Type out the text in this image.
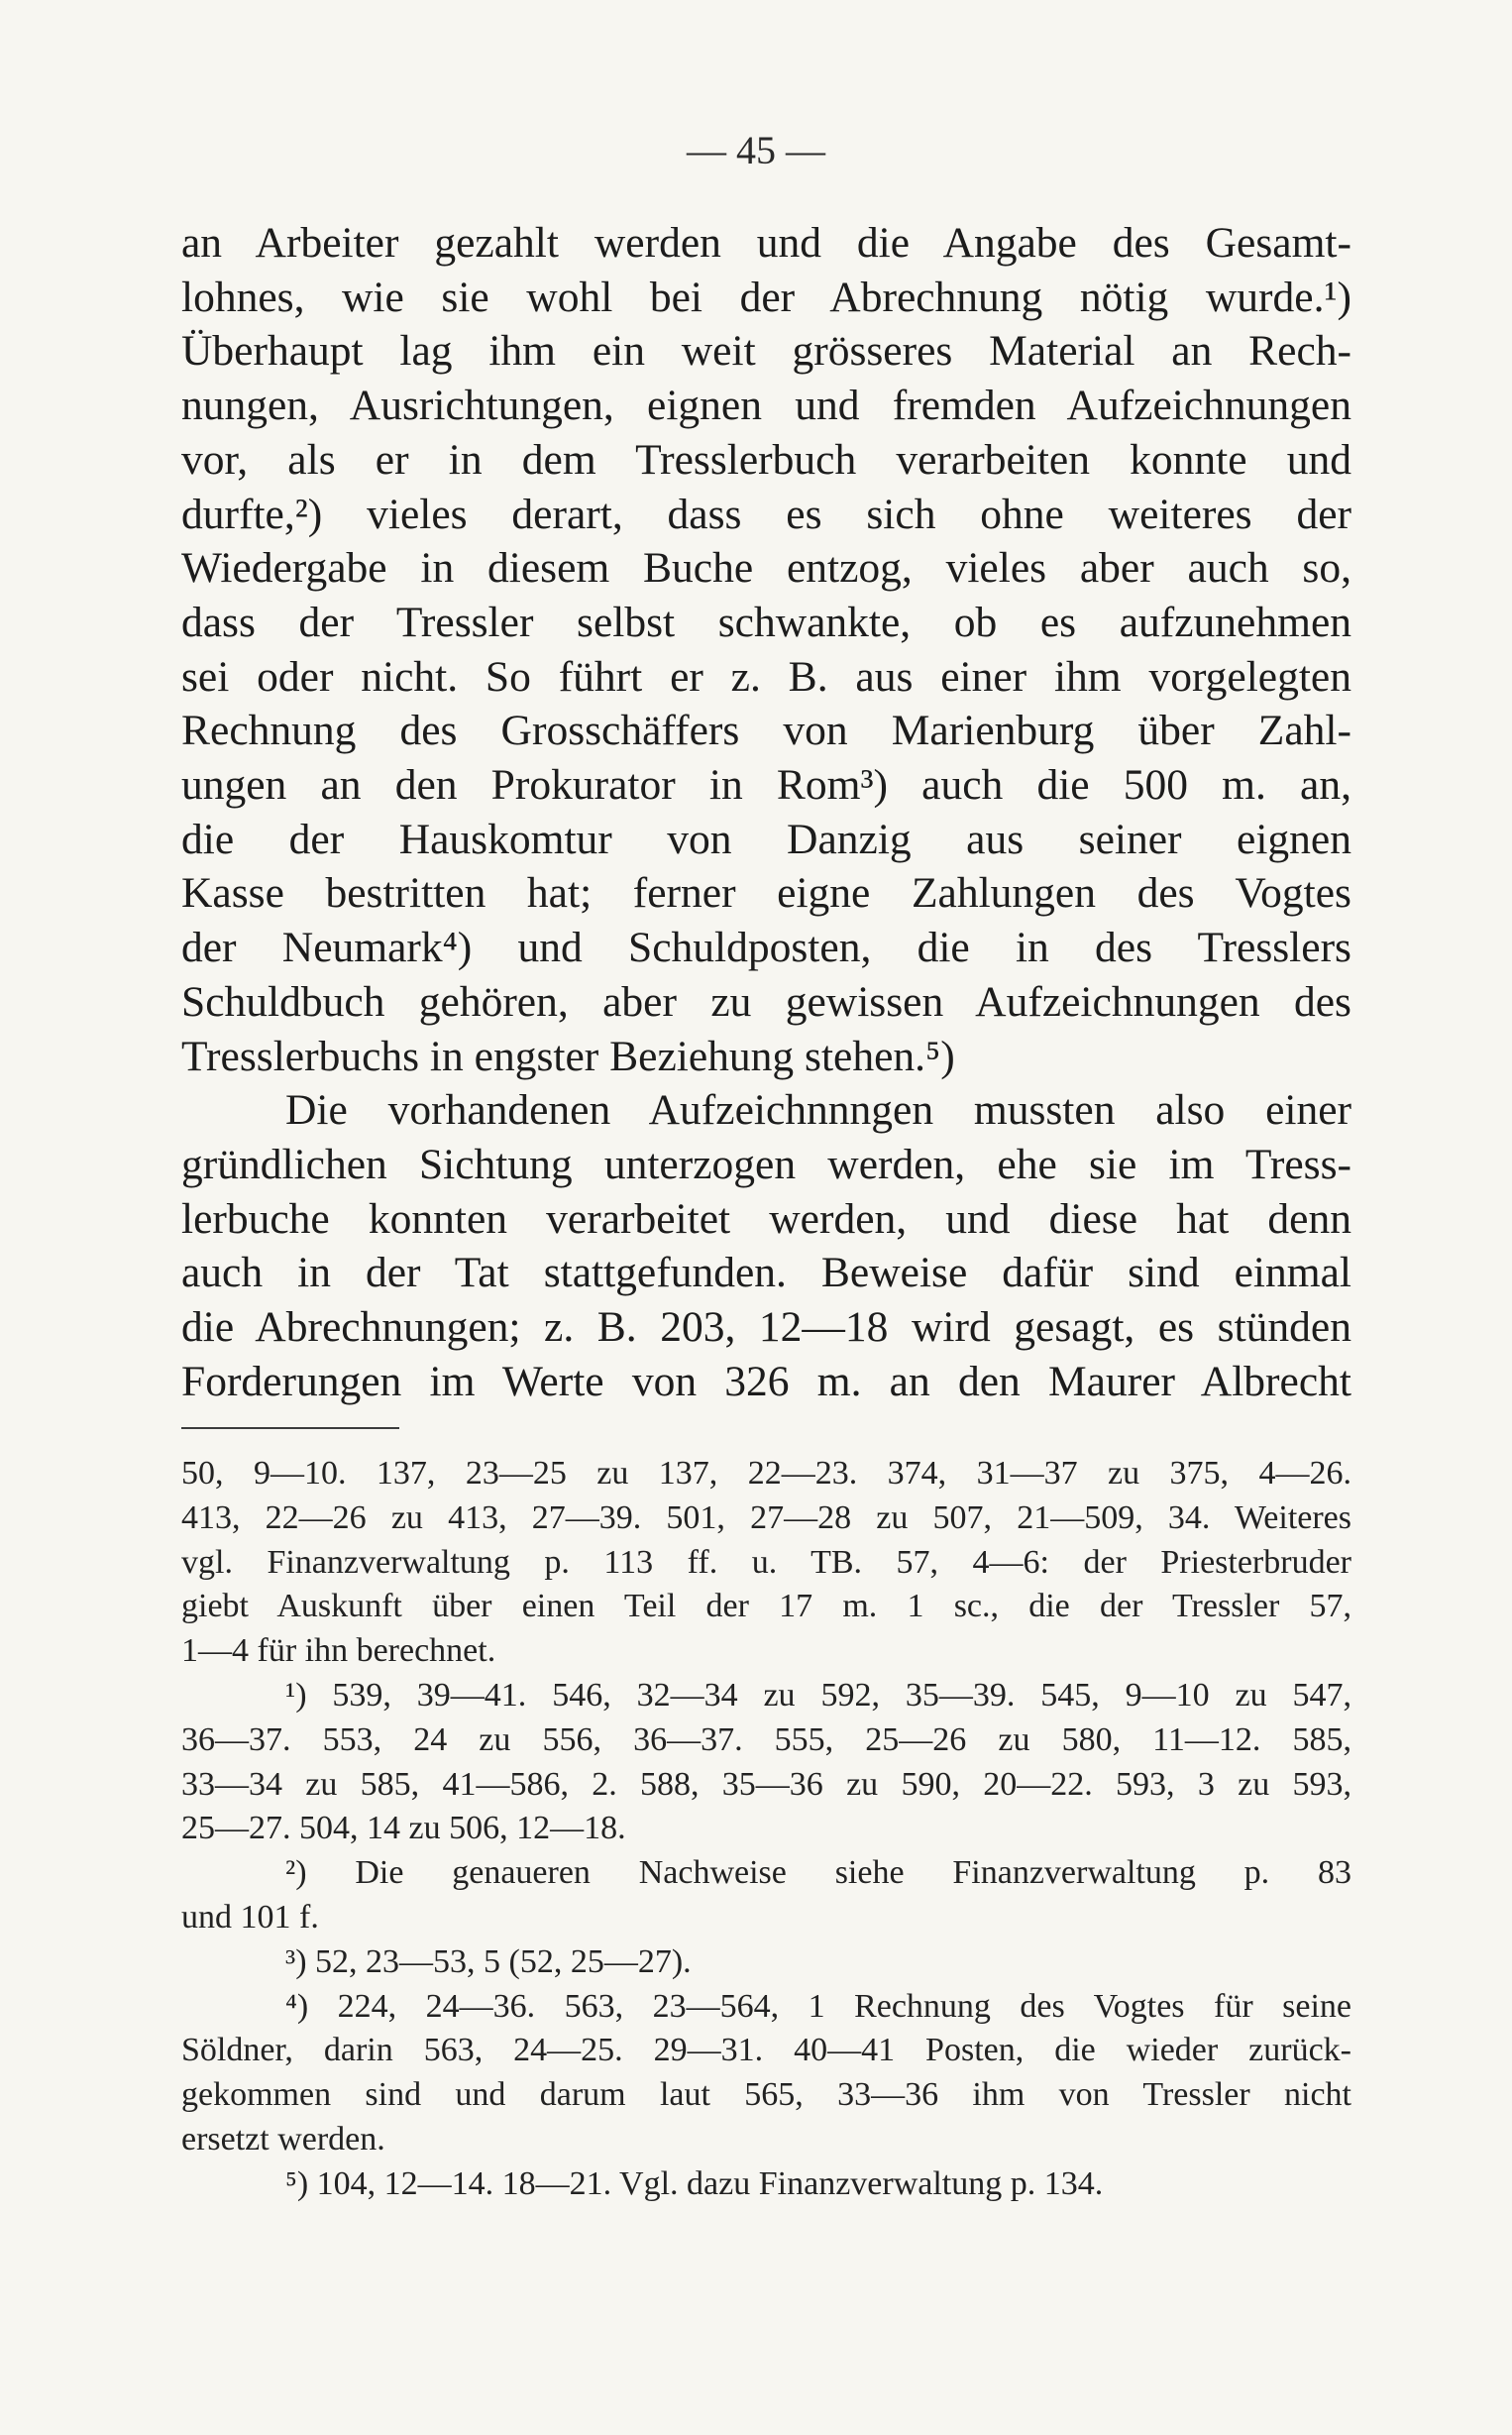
— 45 —
an Arbeiter gezahlt werden und die Angabe des Gesamt-
lohnes, wie sie wohl bei der Abrechnung nötig wurde.¹)
Überhaupt lag ihm ein weit grösseres Material an Rech-
nungen, Ausrichtungen, eignen und fremden Aufzeichnungen
vor, als er in dem Tresslerbuch verarbeiten konnte und
durfte,²) vieles derart, dass es sich ohne weiteres der
Wiedergabe in diesem Buche entzog, vieles aber auch so,
dass der Tressler selbst schwankte, ob es aufzunehmen
sei oder nicht. So führt er z. B. aus einer ihm vorgelegten
Rechnung des Grosschäffers von Marienburg über Zahl-
ungen an den Prokurator in Rom³) auch die 500 m. an,
die der Hauskomtur von Danzig aus seiner eignen
Kasse bestritten hat; ferner eigne Zahlungen des Vogtes
der Neumark⁴) und Schuldposten, die in des Tresslers
Schuldbuch gehören, aber zu gewissen Aufzeichnungen des
Tresslerbuchs in engster Beziehung stehen.⁵)
Die vorhandenen Aufzeichnnngen mussten also einer
gründlichen Sichtung unterzogen werden, ehe sie im Tress-
lerbuche konnten verarbeitet werden, und diese hat denn
auch in der Tat stattgefunden. Beweise dafür sind einmal
die Abrechnungen; z. B. 203, 12—18 wird gesagt, es stünden
Forderungen im Werte von 326 m. an den Maurer Albrecht
50, 9—10. 137, 23—25 zu 137, 22—23. 374, 31—37 zu 375, 4—26.
413, 22—26 zu 413, 27—39. 501, 27—28 zu 507, 21—509, 34. Weiteres
vgl. Finanzverwaltung p. 113 ff. u. TB. 57, 4—6: der Priesterbruder
giebt Auskunft über einen Teil der 17 m. 1 sc., die der Tressler 57,
1—4 für ihn berechnet.
¹) 539, 39—41. 546, 32—34 zu 592, 35—39. 545, 9—10 zu 547,
36—37. 553, 24 zu 556, 36—37. 555, 25—26 zu 580, 11—12. 585,
33—34 zu 585, 41—586, 2. 588, 35—36 zu 590, 20—22. 593, 3 zu 593,
25—27. 504, 14 zu 506, 12—18.
²) Die genaueren Nachweise siehe Finanzverwaltung p. 83
und 101 f.
³) 52, 23—53, 5 (52, 25—27).
⁴) 224, 24—36. 563, 23—564, 1 Rechnung des Vogtes für seine
Söldner, darin 563, 24—25. 29—31. 40—41 Posten, die wieder zurück-
gekommen sind und darum laut 565, 33—36 ihm von Tressler nicht
ersetzt werden.
⁵) 104, 12—14. 18—21. Vgl. dazu Finanzverwaltung p. 134.
